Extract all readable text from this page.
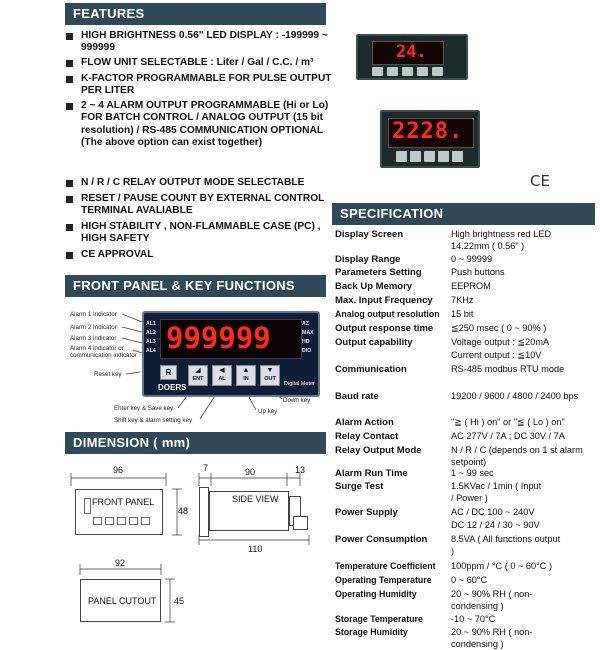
FEATURES
HIGH BRIGHTNESS 0.56" LED DISPLAY : -199999 ~ 999999
FLOW UNIT SELECTABLE : Liter / Gal / C.C. / m³
K-FACTOR PROGRAMMABLE FOR PULSE OUTPUT PER LITER
2 ~ 4 ALARM OUTPUT PROGRAMMABLE (Hi or Lo) FOR BATCH CONTROL / ANALOG OUTPUT (15 bit resolution) / RS-485 COMMUNICATION OPTIONAL (The above option can exist together)
N / R / C RELAY OUTPUT MODE SELECTABLE
RESET / PAUSE COUNT BY EXTERNAL CONTROL TERMINAL AVALIABLE
HIGH STABILITY , NON-FLAMMABLE CASE (PC) , HIGH SAFETY
CE APPROVAL
24.
2228.
CE
FRONT PANEL & KEY FUNCTIONS
Alarm 1 Indicator
Alarm 2 Indicator
Alarm 3 indicator
Alarm 4 indicator or communication indicator
Reset key
Enter key & Save key
Shift key & alarm setting key
Up key
Down key
999999
AL1
AL2
AL3
AL4
AZ
MAX
HD
DIO
R
DOERS
◢
ENT
◀
AL
▲
IN
▼
OUT
Digital Meter
DIMENSION ( mm)
FRONT PANEL	SIDE VIEW
PANEL CUTOUT
96
48
7	90	13
110
92
45
SPECIFICATION
Display Screen	High brightness red LED 14.22mm ( 0.56" )
Display Range	0 ~ 99999
Parameters Setting	Push buttons
Back Up Memory	EEPROM
Max. Input Frequency 7KHz
Analog output resolution 15 bit
Output response time ≦250 msec ( 0 ~ 90% )
Output capability	Voltage output : ≦20mA
Current output : ≦10V
Communication	RS-485 modbus RTU mode
Baud rate	19200 / 9600 / 4800 / 2400 bps
Alarm Action	"≧ ( Hi ) on" or "≦ ( Lo ) on"
Relay Contact	AC 277V / 7A ; DC 30V / 7A
Relay Output Mode	N / R / C (depends on 1 st alarm setpoint)
Alarm Run Time	1 ~ 99 sec
Surge Test	1.5KVac / 1min ( Input / Power )
Power Supply	AC / DC 100 ~ 240V
DC 12 / 24 / 30 ~ 90V
Power Consumption	8.5VA ( All functions output )
Temperature Coefficient 100ppm / °C ( 0 ~ 60°C )
Operating Temperature 0 ~ 60°C
Operating Humidity	20 ~ 90% RH ( non-condensing )
Storage Temperature	-10 ~ 70°C
Storage Humidity	20 ~ 90% RH ( non-condensing )
